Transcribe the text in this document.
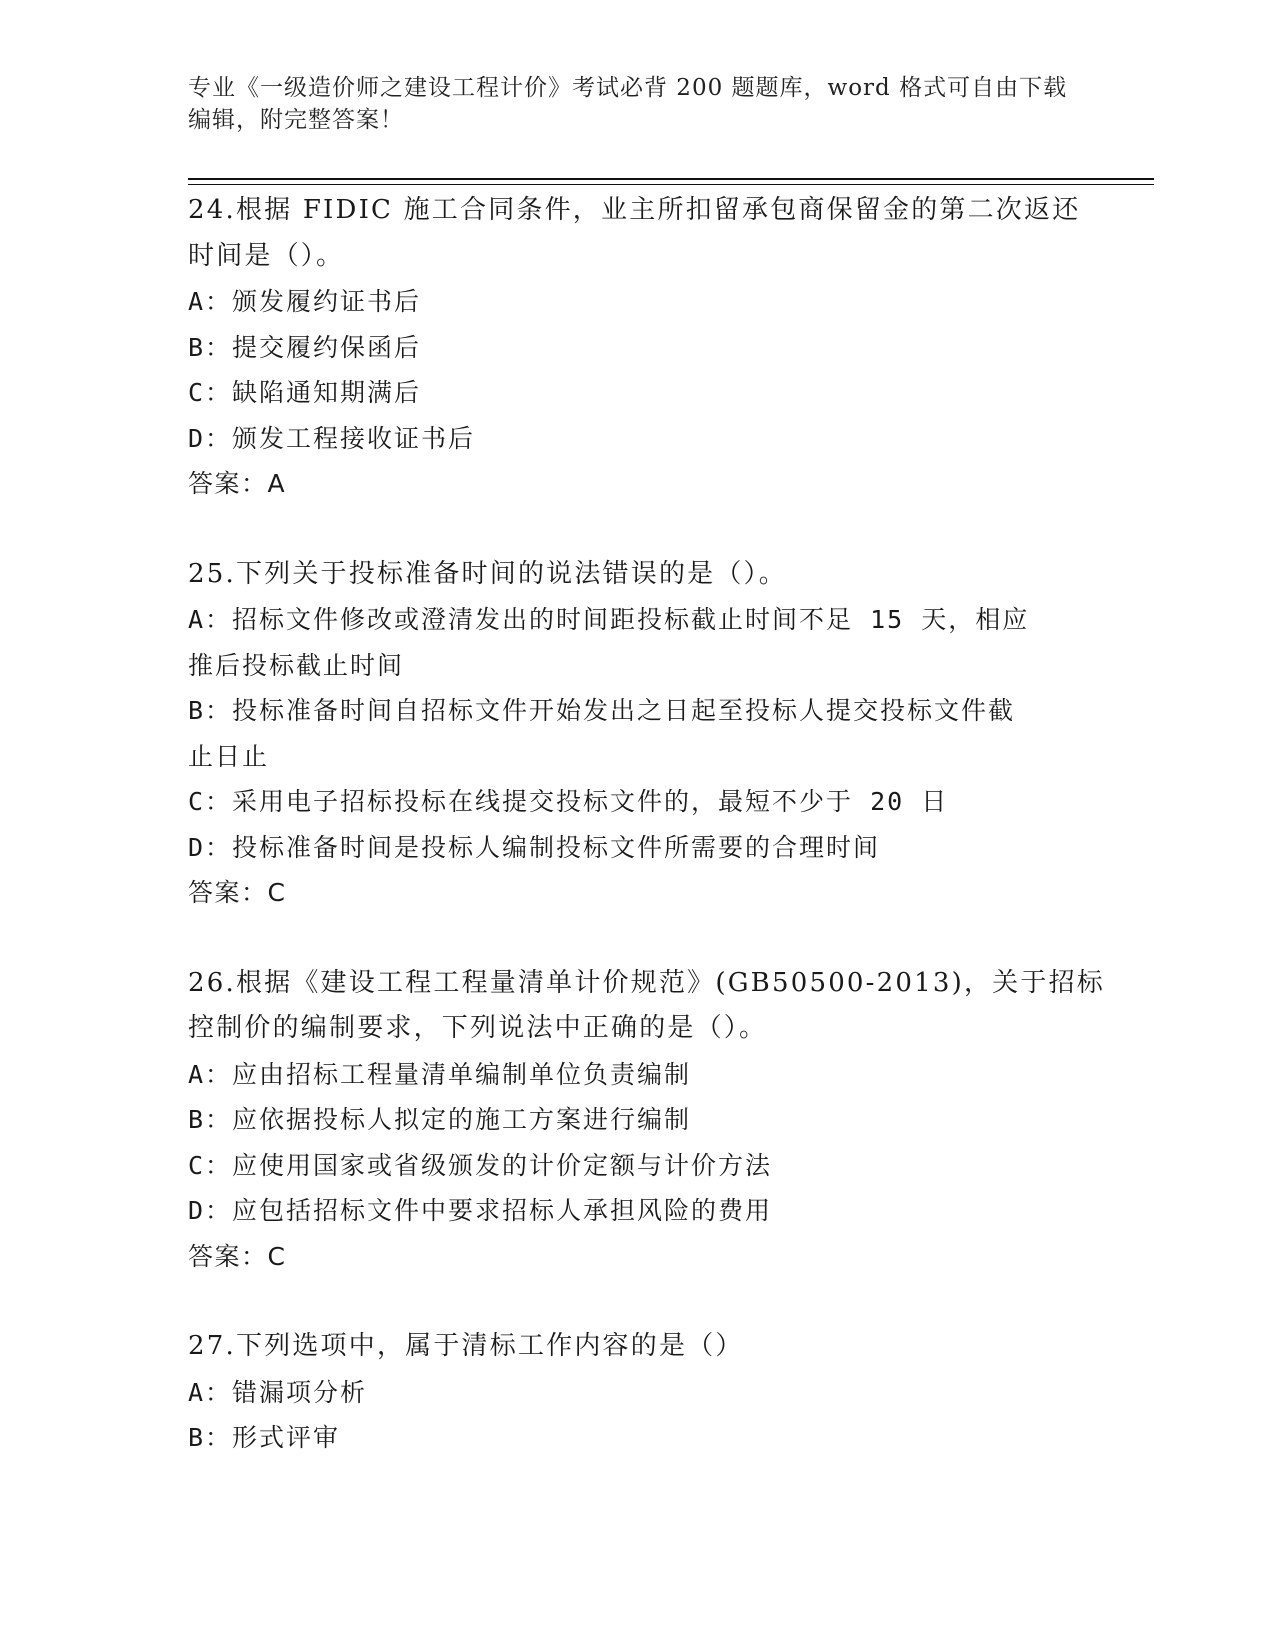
专业《一级造价师之建设工程计价》考试必背 200 题题库，word 格式可自由下载
编辑，附完整答案！
24.根据 FIDIC 施工合同条件，业主所扣留承包商保留金的第二次返还
时间是（）。
A：颁发履约证书后
B：提交履约保函后
C：缺陷通知期满后
D：颁发工程接收证书后
答案：A
25.下列关于投标准备时间的说法错误的是（）。
A：招标文件修改或澄清发出的时间距投标截止时间不足 15 天，相应
推后投标截止时间
B：投标准备时间自招标文件开始发出之日起至投标人提交投标文件截
止日止
C：采用电子招标投标在线提交投标文件的，最短不少于 20 日
D：投标准备时间是投标人编制投标文件所需要的合理时间
答案：C
26.根据《建设工程工程量清单计价规范》(GB50500-2013)，关于招标
控制价的编制要求，下列说法中正确的是（）。
A：应由招标工程量清单编制单位负责编制
B：应依据投标人拟定的施工方案进行编制
C：应使用国家或省级颁发的计价定额与计价方法
D：应包括招标文件中要求招标人承担风险的费用
答案：C
27.下列选项中，属于清标工作内容的是（）
A：错漏项分析
B：形式评审
